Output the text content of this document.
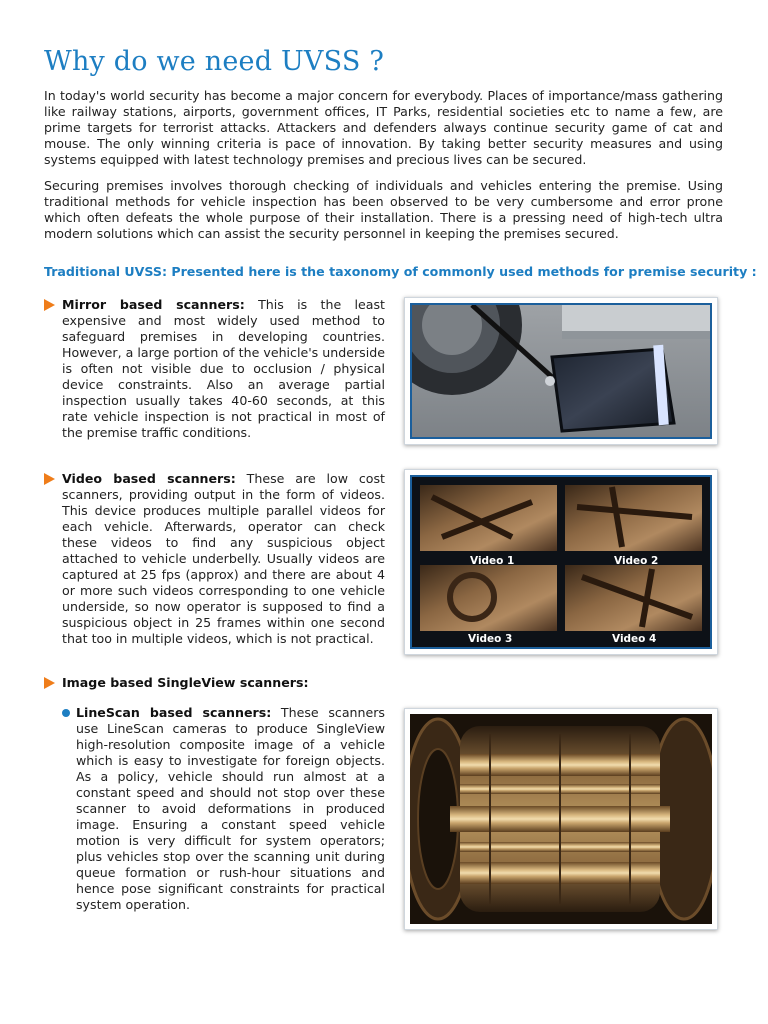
Why do we need UVSS ?

In today's world security has become a major concern for everybody. Places of importance/mass gathering like railway stations, airports, government offices, IT Parks, residential societies etc to name a few, are prime targets for terrorist attacks. Attackers and defenders always continue security game of cat and mouse. The only winning criteria is pace of innovation. By taking better security measures and using systems equipped with latest technology premises and precious lives can be secured.

Securing premises involves thorough checking of individuals and vehicles entering the premise. Using traditional methods for vehicle inspection has been observed to be very cumbersome and error prone which often defeats the whole purpose of their installation. There is a pressing need of high-tech ultra modern solutions which can assist the security personnel in keeping the premises secured.

Traditional UVSS: Presented here is the taxonomy of commonly used methods for premise security :

Mirror based scanners: This is the least expensive and most widely used method to safeguard premises in developing countries. However, a large portion of the vehicle's underside is often not visible due to occlusion / physical device constraints. Also an average partial inspection usually takes 40-60 seconds, at this rate vehicle inspection is not practical in most of the premise traffic conditions.

Video based scanners: These are low cost scanners, providing output in the form of videos. This device produces multiple parallel videos for each vehicle. Afterwards, operator can check these videos to find any suspicious object attached to vehicle underbelly. Usually videos are captured at 25 fps (approx) and there are about 4 or more such videos corresponding to one vehicle underside, so now operator is supposed to find a suspicious object in 25 frames within one second that too in multiple videos, which is not practical.

Video 1	Video 2
Video 3	Video 4

Image based SingleView scanners:

LineScan based scanners: These scanners use LineScan cameras to produce SingleView high-resolution composite image of a vehicle which is easy to investigate for foreign objects. As a policy, vehicle should run almost at a constant speed and should not stop over these scanner to avoid deformations in produced image. Ensuring a constant speed vehicle motion is very difficult for system operators; plus vehicles stop over the scanning unit during queue formation or rush-hour situations and hence pose significant constraints for practical system operation.
